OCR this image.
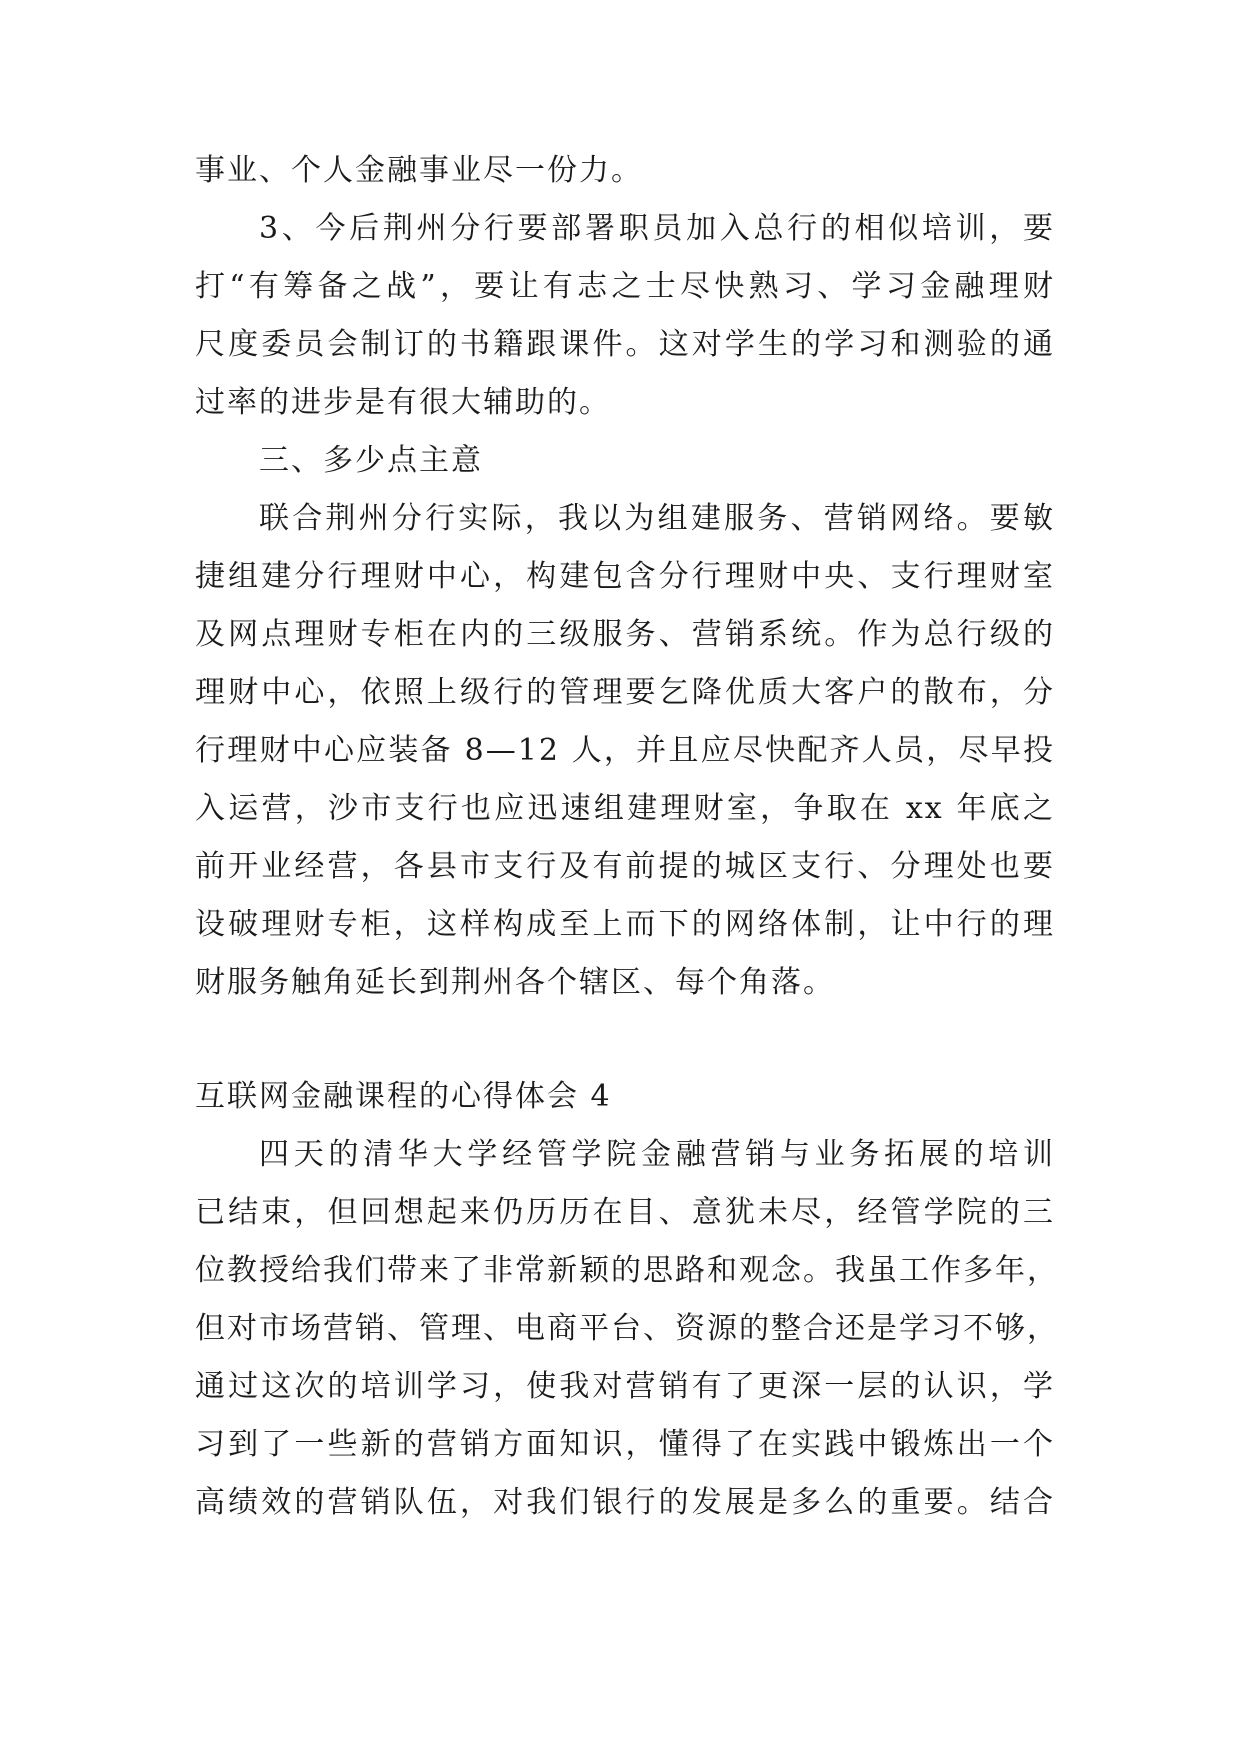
事业、个人金融事业尽一份力。

3、今后荆州分行要部署职员加入总行的相似培训，要
打“有筹备之战”，要让有志之士尽快熟习、学习金融理财
尺度委员会制订的书籍跟课件。这对学生的学习和测验的通
过率的进步是有很大辅助的。

三、多少点主意

联合荆州分行实际，我以为组建服务、营销网络。要敏
捷组建分行理财中心，构建包含分行理财中央、支行理财室
及网点理财专柜在内的三级服务、营销系统。作为总行级的
理财中心，依照上级行的管理要乞降优质大客户的散布，分
行理财中心应装备 8—12 人，并且应尽快配齐人员，尽早投
入运营，沙市支行也应迅速组建理财室，争取在 xx 年底之
前开业经营，各县市支行及有前提的城区支行、分理处也要
设破理财专柜，这样构成至上而下的网络体制，让中行的理
财服务触角延长到荆州各个辖区、每个角落。

互联网金融课程的心得体会 4

四天的清华大学经管学院金融营销与业务拓展的培训
已结束，但回想起来仍历历在目、意犹未尽，经管学院的三
位教授给我们带来了非常新颖的思路和观念。我虽工作多年，
但对市场营销、管理、电商平台、资源的整合还是学习不够，
通过这次的培训学习，使我对营销有了更深一层的认识，学
习到了一些新的营销方面知识，懂得了在实践中锻炼出一个
高绩效的营销队伍，对我们银行的发展是多么的重要。结合
